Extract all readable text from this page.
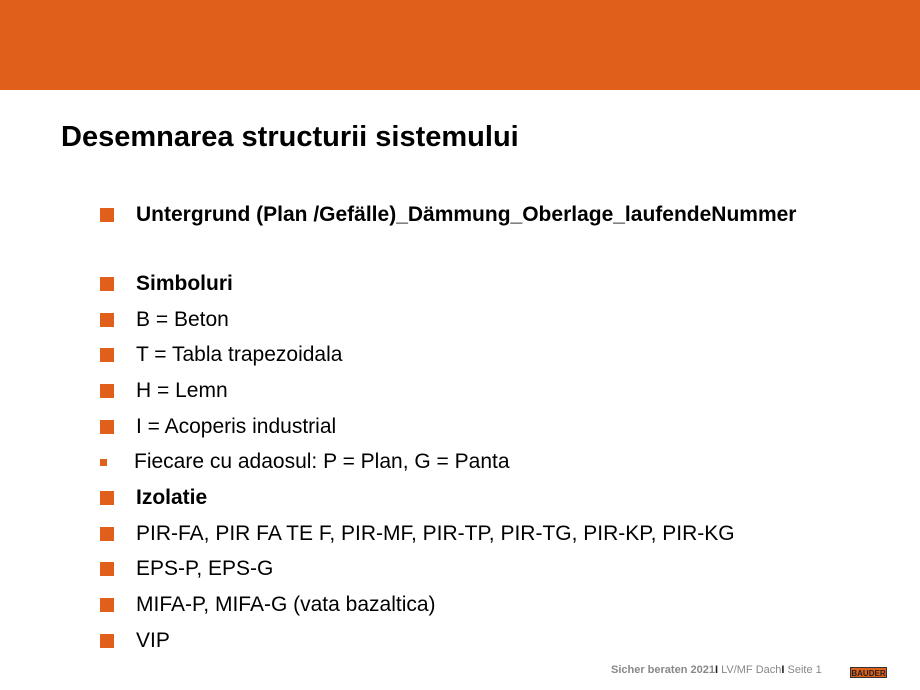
Desemnarea structurii sistemului
Untergrund (Plan /Gefälle)_Dämmung_Oberlage_laufendeNummer
Simboluri
B = Beton
T = Tabla trapezoidala
H = Lemn
I = Acoperis industrial
Fiecare cu adaosul: P = Plan, G = Panta
Izolatie
PIR-FA, PIR FA TE F, PIR-MF, PIR-TP, PIR-TG, PIR-KP, PIR-KG
EPS-P, EPS-G
MIFA-P, MIFA-G (vata bazaltica)
VIP
Sicher beraten 2021I LV/MF DachI Seite 1	BAUDER
